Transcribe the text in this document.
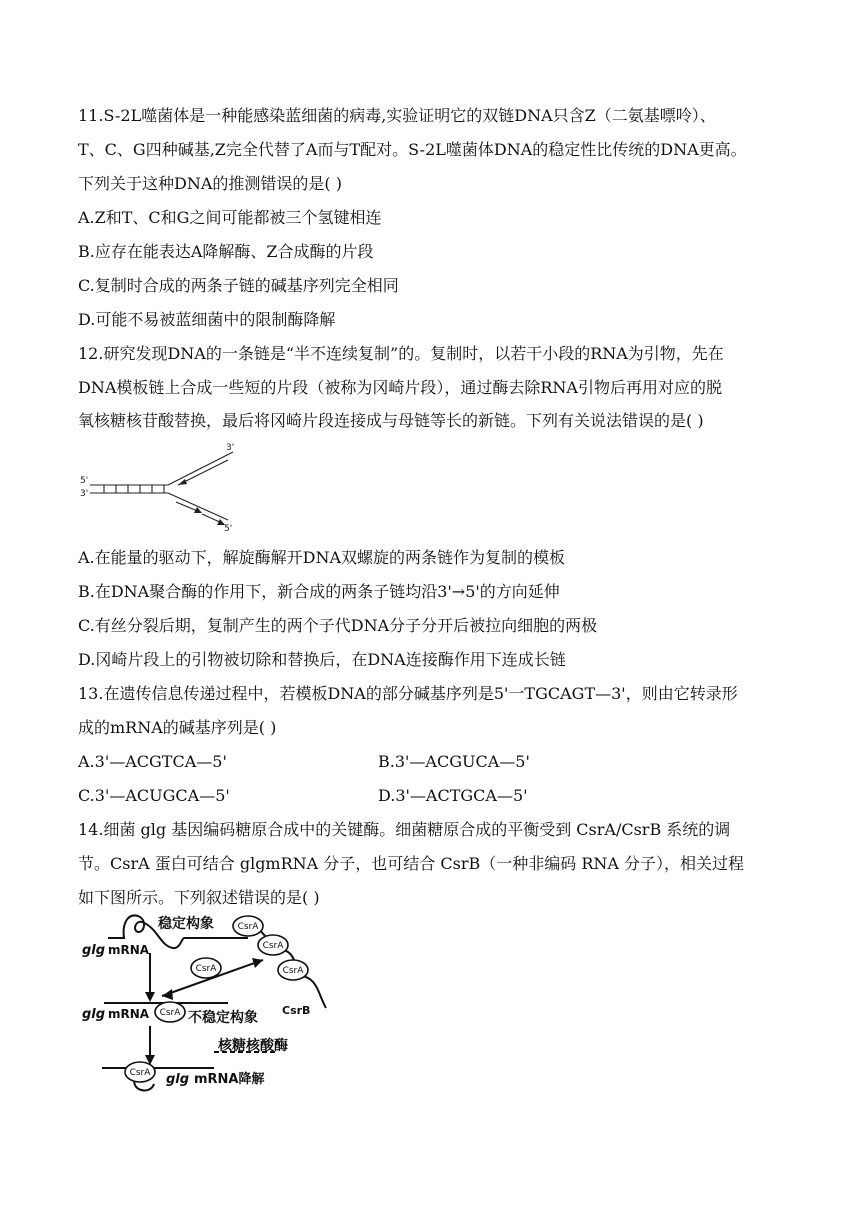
11.S-2L噬菌体是一种能感染蓝细菌的病毒,实验证明它的双链DNA只含Z（二氨基嘌呤）、
T、C、G四种碱基,Z完全代替了A而与T配对。S-2L噬菌体DNA的稳定性比传统的DNA更高。
下列关于这种DNA的推测错误的是( )
A.Z和T、C和G之间可能都被三个氢键相连
B.应存在能表达A降解酶、Z合成酶的片段
C.复制时合成的两条子链的碱基序列完全相同
D.可能不易被蓝细菌中的限制酶降解
12.研究发现DNA的一条链是“半不连续复制”的。复制时，以若干小段的RNA为引物，先在
DNA模板链上合成一些短的片段（被称为冈崎片段），通过酶去除RNA引物后再用对应的脱
氧核糖核苷酸替换，最后将冈崎片段连接成与母链等长的新链。下列有关说法错误的是( )
5'
3'
3'
5'
A.在能量的驱动下，解旋酶解开DNA双螺旋的两条链作为复制的模板
B.在DNA聚合酶的作用下，新合成的两条子链均沿3'→5'的方向延伸
C.有丝分裂后期，复制产生的两个子代DNA分子分开后被拉向细胞的两极
D.冈崎片段上的引物被切除和替换后，在DNA连接酶作用下连成长链
13.在遗传信息传递过程中，若模板DNA的部分碱基序列是5'一TGCAGT—3'，则由它转录形
成的mRNA的碱基序列是( )
A.3'—ACGTCA—5'	B.3'—ACGUCA—5'
C.3'—ACUGCA—5'	D.3'—ACTGCA—5'
14.细菌 glg 基因编码糖原合成中的关键酶。细菌糖原合成的平衡受到 CsrA/CsrB 系统的调
节。CsrA 蛋白可结合 glgmRNA 分子，也可结合 CsrB（一种非编码 RNA 分子），相关过程
如下图所示。下列叙述错误的是( )
CsrA
CsrA
CsrA
CsrA
CsrA
CsrA
稳定构象
glg mRNA
glg mRNA	不稳定构象 CsrB
核糖核酸酶
glg mRNA降解
